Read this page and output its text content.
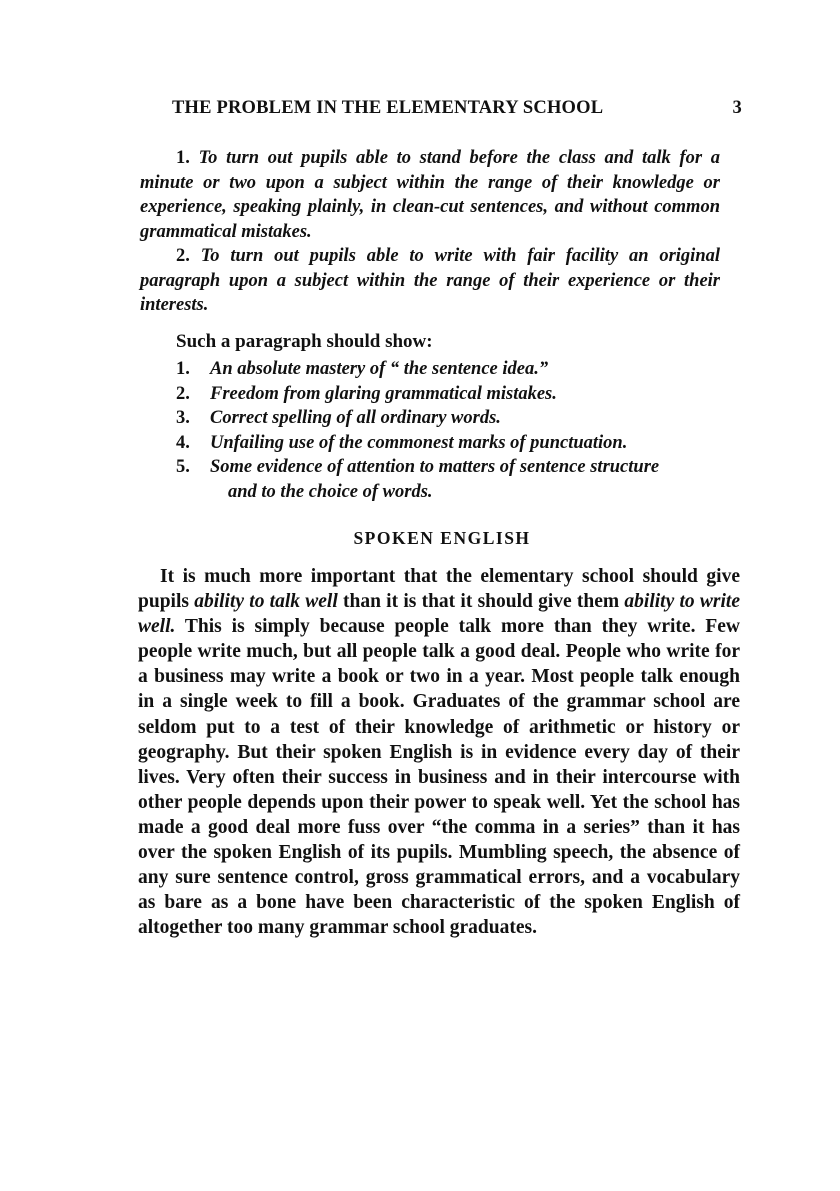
THE PROBLEM IN THE ELEMENTARY SCHOOL	3

1. To turn out pupils able to stand before the class and talk for a minute or two upon a subject within the range of their knowledge or experience, speaking plainly, in clean-cut sentences, and without common grammatical mistakes.

2. To turn out pupils able to write with fair facility an original paragraph upon a subject within the range of their experience or their interests.

Such a paragraph should show:

1. An absolute mastery of “ the sentence idea.”
2. Freedom from glaring grammatical mistakes.
3. Correct spelling of all ordinary words.
4. Unfailing use of the commonest marks of punctuation.
5. Some evidence of attention to matters of sentence structure
and to the choice of words.
SPOKEN ENGLISH

It is much more important that the elementary school should give pupils ability to talk well than it is that it should give them ability to write well. This is simply because people talk more than they write. Few people write much, but all people talk a good deal. People who write for a business may write a book or two in a year. Most people talk enough in a single week to fill a book. Graduates of the grammar school are seldom put to a test of their knowledge of arithmetic or history or geography. But their spoken English is in evidence every day of their lives. Very often their success in business and in their intercourse with other people depends upon their power to speak well. Yet the school has made a good deal more fuss over “the comma in a series” than it has over the spoken English of its pupils. Mumbling speech, the absence of any sure sentence control, gross grammatical errors, and a vocabulary as bare as a bone have been characteristic of the spoken English of altogether too many grammar school graduates.
